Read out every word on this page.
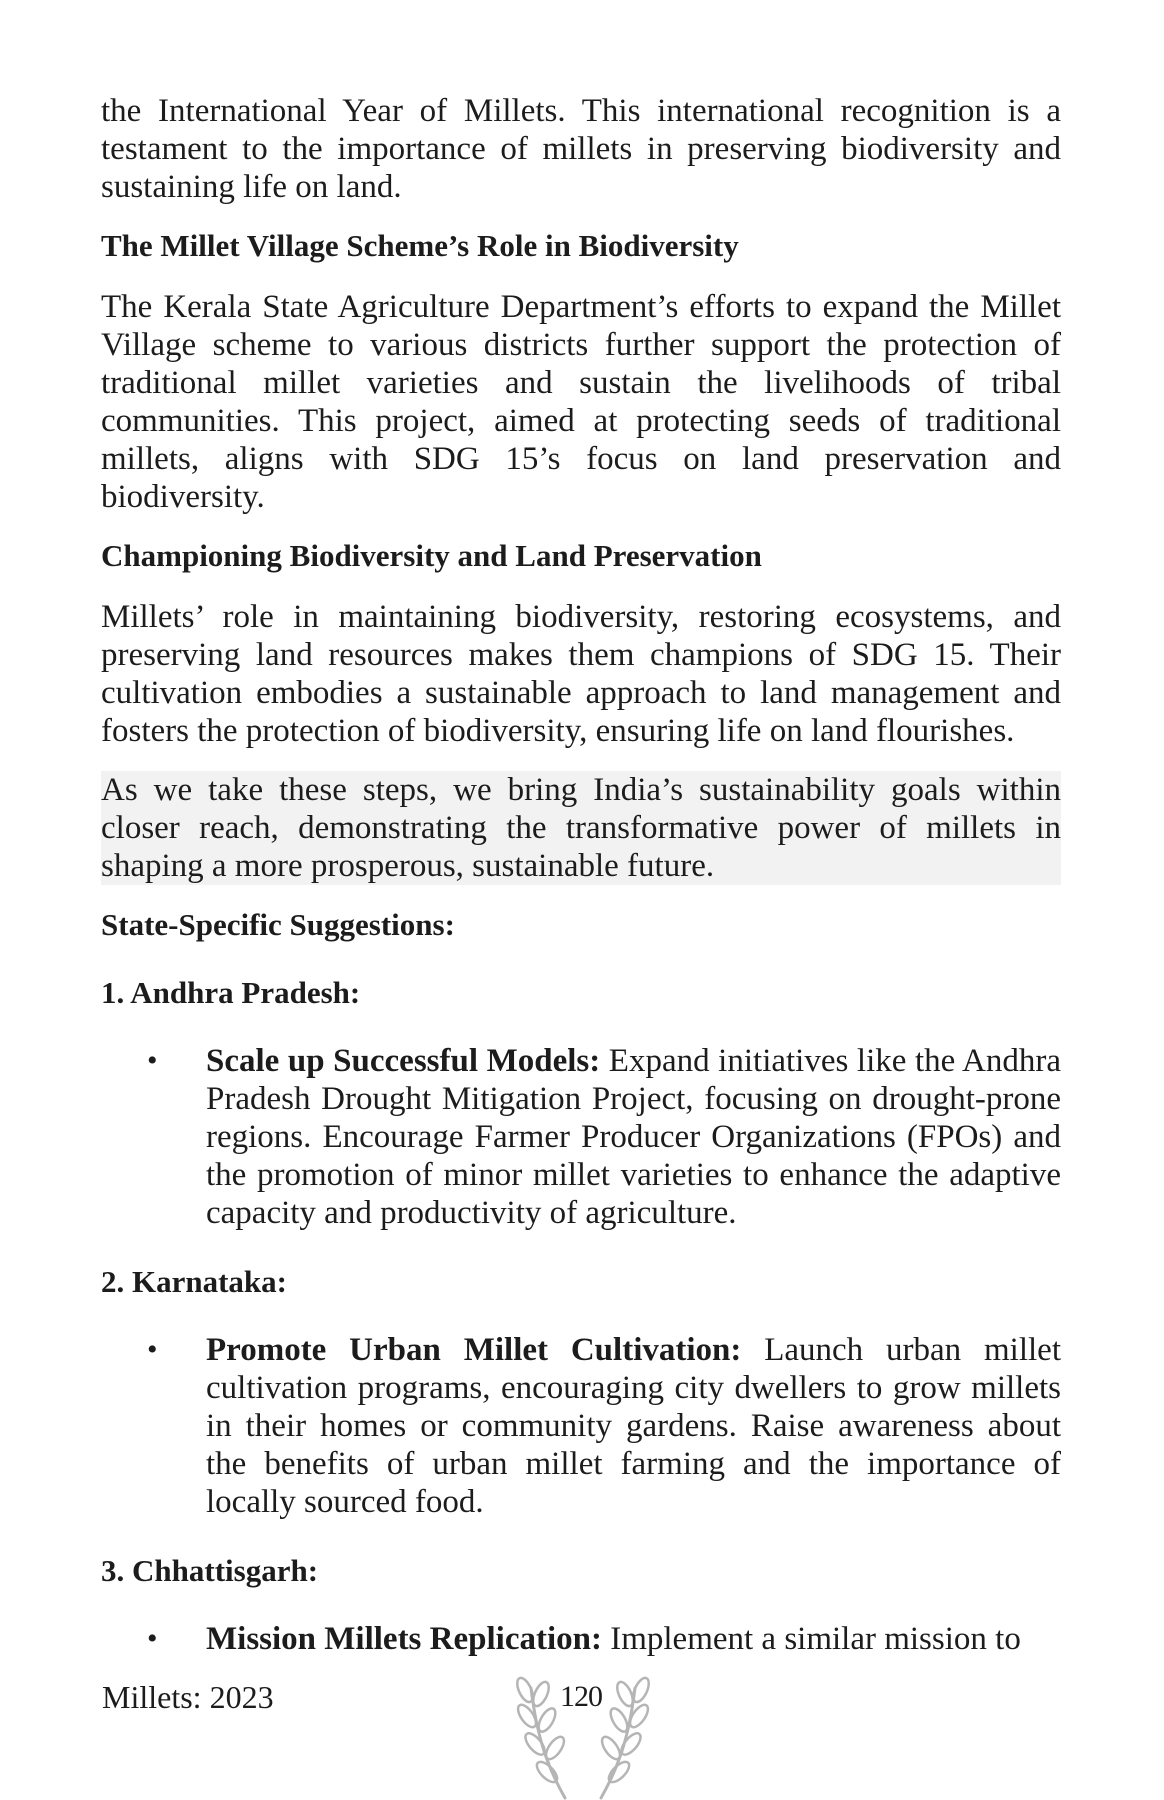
the International Year of Millets. This international recognition is a testament to the importance of millets in preserving biodiversity and sustaining life on land.

The Millet Village Scheme’s Role in Biodiversity

The Kerala State Agriculture Department’s efforts to expand the Millet Village scheme to various districts further support the protection of traditional millet varieties and sustain the livelihoods of tribal communities. This project, aimed at protecting seeds of traditional millets, aligns with SDG 15’s focus on land preservation and biodiversity.

Championing Biodiversity and Land Preservation

Millets’ role in maintaining biodiversity, restoring ecosystems, and preserving land resources makes them champions of SDG 15. Their cultivation embodies a sustainable approach to land management and fosters the protection of biodiversity, ensuring life on land flourishes.

As we take these steps, we bring India’s sustainability goals within closer reach, demonstrating the transformative power of millets in shaping a more prosperous, sustainable future.

State-Specific Suggestions:
1. Andhra Pradesh:
• Scale up Successful Models: Expand initiatives like the Andhra Pradesh Drought Mitigation Project, focusing on drought-prone regions. Encourage Farmer Producer Organizations (FPOs) and the promotion of minor millet varieties to enhance the adaptive capacity and productivity of agriculture.
2. Karnataka:
• Promote Urban Millet Cultivation: Launch urban millet cultivation programs, encouraging city dwellers to grow millets in their homes or community gardens. Raise awareness about the benefits of urban millet farming and the importance of locally sourced food.
3. Chhattisgarh:
• Mission Millets Replication: Implement a similar mission to
Millets: 2023	120
